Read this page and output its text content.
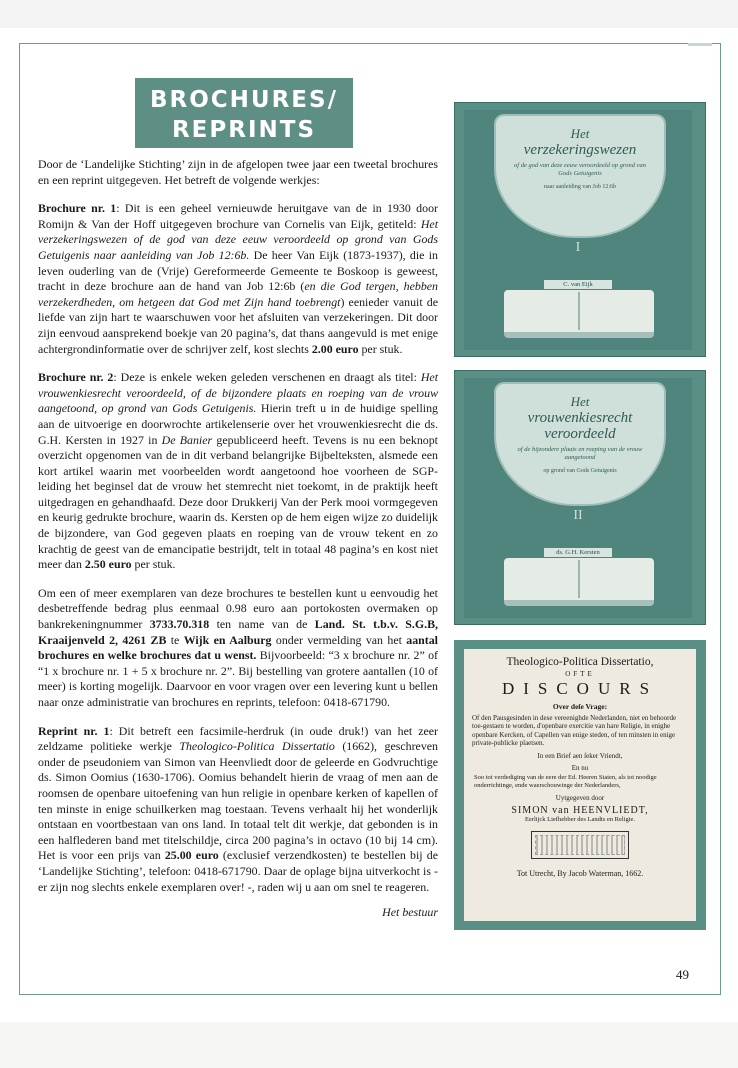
BROCHURES/
REPRINTS

Door de ‘Landelijke Stichting’ zijn in de afgelopen twee jaar een tweetal brochures en een reprint uitgegeven. Het betreft de volgende werkjes:

Brochure nr. 1: Dit is een geheel vernieuwde heruitgave van de in 1930 door Romijn & Van der Hoff uitgegeven brochure van Cornelis van Eijk, getiteld: Het verzekeringswezen of de god van deze eeuw veroordeeld op grond van Gods Getuigenis naar aanleiding van Job 12:6b. De heer Van Eijk (1873-1937), die in leven ouderling van de (Vrije) Gereformeerde Gemeente te Boskoop is geweest, tracht in deze brochure aan de hand van Job 12:6b (en die God tergen, hebben verzekerdheden, om hetgeen dat God met Zijn hand toebrengt) eenieder vanuit de liefde van zijn hart te waarschuwen voor het afsluiten van verzekeringen. Dit door zijn eenvoud aansprekend boekje van 20 pagina’s, dat thans aangevuld is met enige achtergrondinformatie over de schrijver zelf, kost slechts 2.00 euro per stuk.

Brochure nr. 2: Deze is enkele weken geleden verschenen en draagt als titel: Het vrouwenkiesrecht veroordeeld, of de bijzondere plaats en roeping van de vrouw aangetoond, op grond van Gods Getuigenis. Hierin treft u in de huidige spelling aan de uitvoerige en doorwrochte artikelenserie over het vrouwenkiesrecht die ds. G.H. Kersten in 1927 in De Banier gepubliceerd heeft. Tevens is nu een beknopt overzicht opgenomen van de in dit verband belangrijke Bijbelteksten, alsmede een kort artikel waarin met voorbeelden wordt aangetoond hoe voorheen de SGP-leiding het beginsel dat de vrouw het stemrecht niet toekomt, in de praktijk heeft uitgedragen en gehandhaafd. Deze door Drukkerij Van der Perk mooi vormgegeven en keurig gedrukte brochure, waarin ds. Kersten op de hem eigen wijze zo duidelijk de bijzondere, van God gegeven plaats en roeping van de vrouw tekent en zo krachtig de geest van de emancipatie bestrijdt, telt in totaal 48 pagina’s en kost niet meer dan 2.50 euro per stuk.

Om een of meer exemplaren van deze brochures te bestellen kunt u eenvoudig het desbetreffende bedrag plus eenmaal 0.98 euro aan portokosten overmaken op bankrekeningnummer 3733.70.318 ten name van de Land. St. t.b.v. S.G.B, Kraaijenveld 2, 4261 ZB te Wijk en Aalburg onder vermelding van het aantal brochures en welke brochures dat u wenst. Bijvoorbeeld: “3 x brochure nr. 2” of “1 x brochure nr. 1 + 5 x brochure nr. 2”. Bij bestelling van grotere aantallen (10 of meer) is korting mogelijk. Daarvoor en voor vragen over een levering kunt u bellen naar onze administratie van brochures en reprints, telefoon: 0418-671790.

Reprint nr. 1: Dit betreft een facsimile-herdruk (in oude druk!) van het zeer zeldzame politieke werkje Theologico-Politica Dissertatio (1662), geschreven onder de pseudoniem van Simon van Heenvliedt door de geleerde en Godvruchtige ds. Simon Oomius (1630-1706). Oomius behandelt hierin de vraag of men aan de roomsen de openbare uitoefening van hun religie in openbare kerken of kapellen of ten minste in enige schuilkerken mag toestaan. Tevens verhaalt hij het wonderlijk ontstaan en voortbestaan van ons land. In totaal telt dit werkje, dat gebonden is in een halflederen band met titelschildje, circa 200 pagina’s in octavo (10 bij 14 cm). Het is voor een prijs van 25.00 euro (exclusief verzendkosten) te bestellen bij de ‘Landelijke Stichting’, telefoon: 0418-671790. Daar de oplage bijna uitverkocht is - er zijn nog slechts enkele exemplaren over! -, raden wij u aan om snel te reageren.

Het bestuur
Het
verzekeringswezen
of de god van deze eeuw veroordeeld op grond van Gods Getuigenis
naar aanleiding van Job 12:6b
I
C. van Eijk
Het
vrouwenkiesrecht
veroordeeld
of de bijzondere plaats en roeping van de vrouw aangetoond
op grond van Gods Getuigenis
II
ds. G.H. Kersten
Theologico-Politica Dissertatio,
OFTE
DISCOURS
Over deſe Vrage:
Of den Pausgesinden in dese vereenighde Nederlanden, niet en behoorde toe-gestaen te worden, d'openbare exercitie van hare Religie, in enighe openbare Kercken, of Capellen van enige steden, of ten minsten in enige private-publicke plaetsen.
In een Brief aen ſeker Vriendt,
En nu
Soo tot verdediging van de eere der Ed. Heeren Staten, als tot noodige onderrichtinge, ende waerschouwinge der Nederlanders,
Uytgegeven door
SIMON van HEENVLIEDT,
Eerlijck Liefhebber des Landts en Religie.
Tot Utrecht, By Jacob Waterman, 1662.
49
